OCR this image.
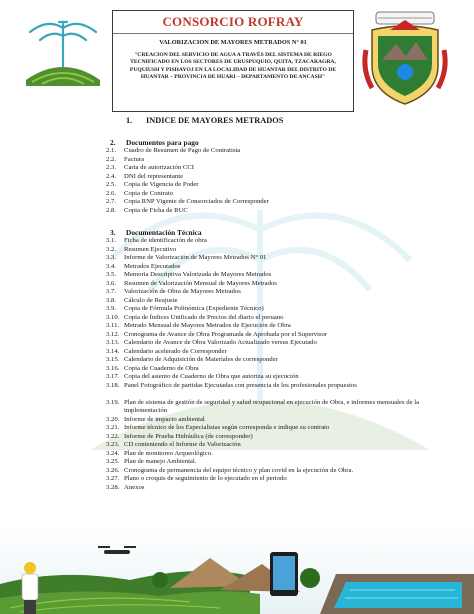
CONSORCIO ROFRAY
VALORIZACION DE MAYORES METRADOS N° 01
"CREACION DEL SERVICIO DE AGUA A TRAVÉS DEL SISTEMA DE RIEGO TECNIFICADO EN LOS SECTORES DE URUSPUQUIO, QUITA, TZACARAGRA, PUQUIUSH Y PISHAYOJ EN LA LOCALIDAD DE HUANTAR DEL DISTRITO DE HUANTAR – PROVINCIA DE HUARI – DEPARTAMENTO DE ANCASH"
1. INDICE DE MAYORES METRADOS
2. Documentos para pago
2.1. Cuadro de Resumen de Pago de Contratista
2.2. Factura
2.3. Carta de autorización CCI
2.4. DNI del representante
2.5. Copia de Vigencia de Poder
2.6. Copia de Contrato
2.7. Copia RNP Vigente de Consorciados de Corresponder
2.8. Copia de Ficha de RUC
3. Documentación Técnica
3.1. Ficha de identificación de obra
3.2. Resumen Ejecutivo
3.3. Informe de Valorización de Mayores Metrados N° 01
3.4. Metrados Ejecutados
3.5. Memoria Descriptiva Valorizada de Mayores Metrados
3.6. Resumen de Valorización Mensual de Mayores Metrados
3.7. Valorización de Obra de Mayores Metrados
3.8. Cálculo de Reajuste
3.9. Copia de Fórmula Polinómica (Expediente Técnico)
3.10. Copia de Índices Unificado de Precios del diario el peruano
3.11. Metrado Mensual de Mayores Metrados de Ejecución de Obra
3.12. Cronograma de Avance de Obra Programada de Aprobada por el Supervisor
3.13. Calendario de Avance de Obra Valorizado Actualizado versus Ejecutado
3.14. Calendario acelerado de Corresponder
3.15. Calendario de Adquisición de Materiales de corresponder
3.16. Copia de Cuaderno de Obra
3.17. Copia del asiento de Cuaderno de Obra que autoriza su ejecución
3.18. Panel Fotográfico de partidas Ejecutadas con presencia de los profesionales propuestos
3.19. Plan de sistema de gestión de seguridad y salud ocupacional en ejecución de Obra, e informes mensuales de la implementación
3.20. Informe de impacto ambiental
3.21. Informe técnico de los Especialistas según corresponda e indique su contrato
3.22. Informe de Prueba Hidráulica (de corresponder)
3.23. CD conteniendo el Informe de Valorización
3.24. Plan de monitoreo Arqueológico.
3.25. Plan de manejo Ambiental.
3.26. Cronograma de permanencia del equipo técnico y plan covid en la ejecución de Obra.
3.27. Plano o croquis de seguimiento de lo ejecutado en el periodo
3.28. Anexos
